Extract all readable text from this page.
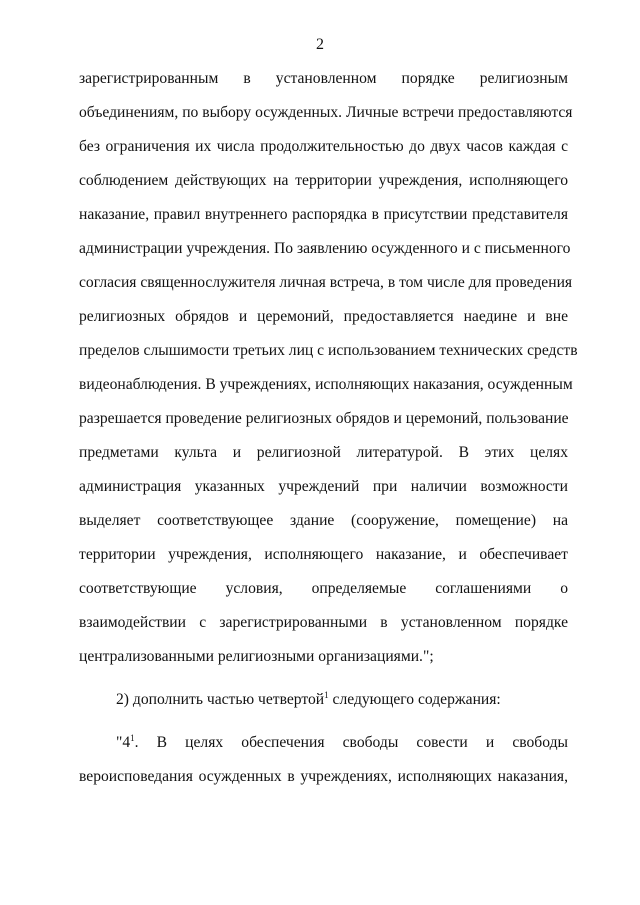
2
зарегистрированным в установленном порядке религиозным
объединениям, по выбору осужденных. Личные встречи предоставляются
без ограничения их числа продолжительностью до двух часов каждая с
соблюдением действующих на территории учреждения, исполняющего
наказание, правил внутреннего распорядка в присутствии представителя
администрации учреждения. По заявлению осужденного и с письменного
согласия священнослужителя личная встреча, в том числе для проведения
религиозных обрядов и церемоний, предоставляется наедине и вне
пределов слышимости третьих лиц с использованием технических средств
видеонаблюдения. В учреждениях, исполняющих наказания, осужденным
разрешается проведение религиозных обрядов и церемоний, пользование
предметами культа и религиозной литературой. В этих целях
администрация указанных учреждений при наличии возможности
выделяет соответствующее здание (сооружение, помещение) на
территории учреждения, исполняющего наказание, и обеспечивает
соответствующие условия, определяемые соглашениями о
взаимодействии с зарегистрированными в установленном порядке
централизованными религиозными организациями.";
2) дополнить частью четвертой$^1$ следующего содержания:
"$4^1$. В целях обеспечения свободы совести и свободы
вероисповедания осужденных в учреждениях, исполняющих наказания,
